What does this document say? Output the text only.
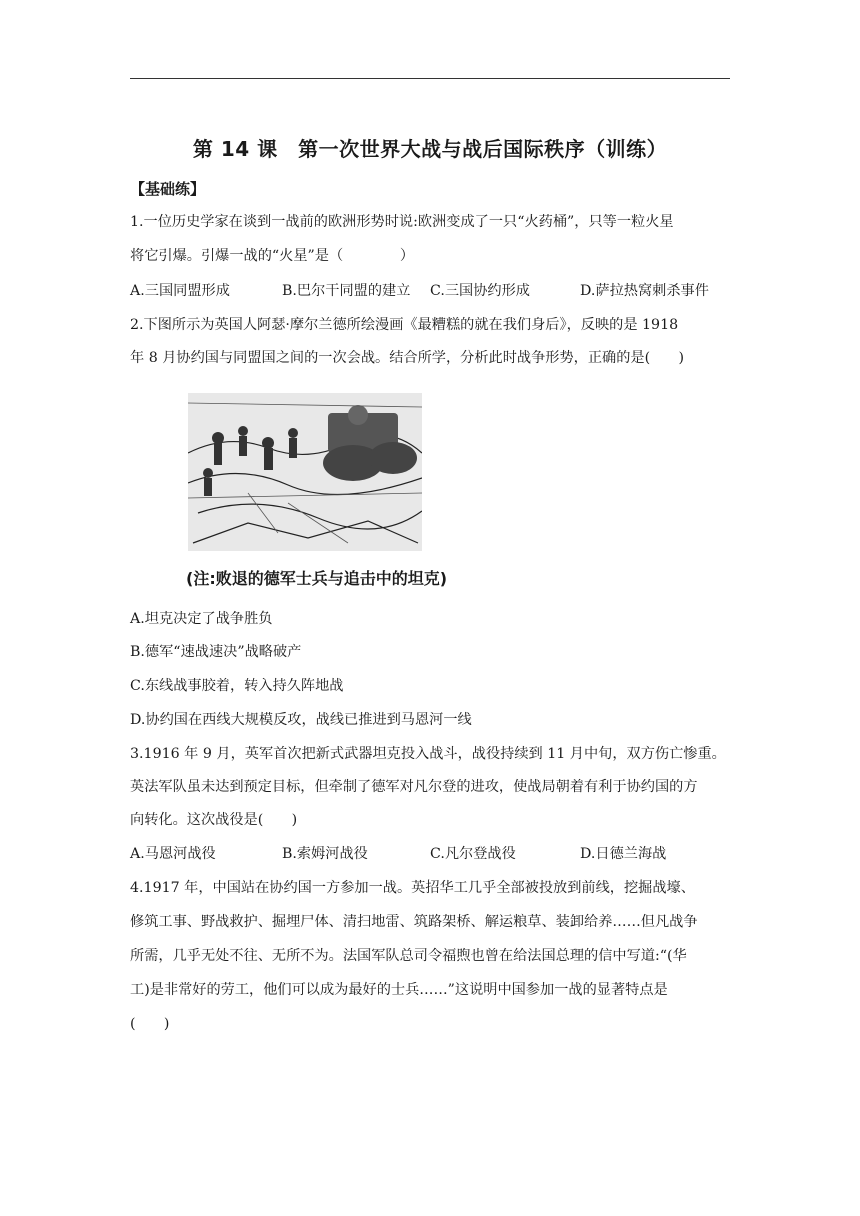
第 14 课　第一次世界大战与战后国际秩序（训练）
【基础练】
1.一位历史学家在谈到一战前的欧洲形势时说:欧洲变成了一只“火药桶”，只等一粒火星
将它引爆。引爆一战的“火星”是（　　　　）
A.三国同盟形成	B.巴尔干同盟的建立 C.三国协约形成	D.萨拉热窝刺杀事件
2.下图所示为英国人阿瑟·摩尔兰德所绘漫画《最糟糕的就在我们身后》，反映的是 1918
年 8 月协约国与同盟国之间的一次会战。结合所学，分析此时战争形势，正确的是(　　)
(注:败退的德军士兵与追击中的坦克)
A.坦克决定了战争胜负
B.德军“速战速决”战略破产
C.东线战事胶着，转入持久阵地战
D.协约国在西线大规模反攻，战线已推进到马恩河一线
3.1916 年 9 月，英军首次把新式武器坦克投入战斗，战役持续到 11 月中旬，双方伤亡惨重。
英法军队虽未达到预定目标，但牵制了德军对凡尔登的进攻，使战局朝着有利于协约国的方
向转化。这次战役是(　　)
A.马恩河战役	B.索姆河战役	C.凡尔登战役	D.日德兰海战
4.1917 年，中国站在协约国一方参加一战。英招华工几乎全部被投放到前线，挖掘战壕、
修筑工事、野战救护、掘埋尸体、清扫地雷、筑路架桥、解运粮草、装卸给养……但凡战争
所需，几乎无处不往、无所不为。法国军队总司令福煦也曾在给法国总理的信中写道:“(华
工)是非常好的劳工，他们可以成为最好的士兵……”这说明中国参加一战的显著特点是
(　　)
